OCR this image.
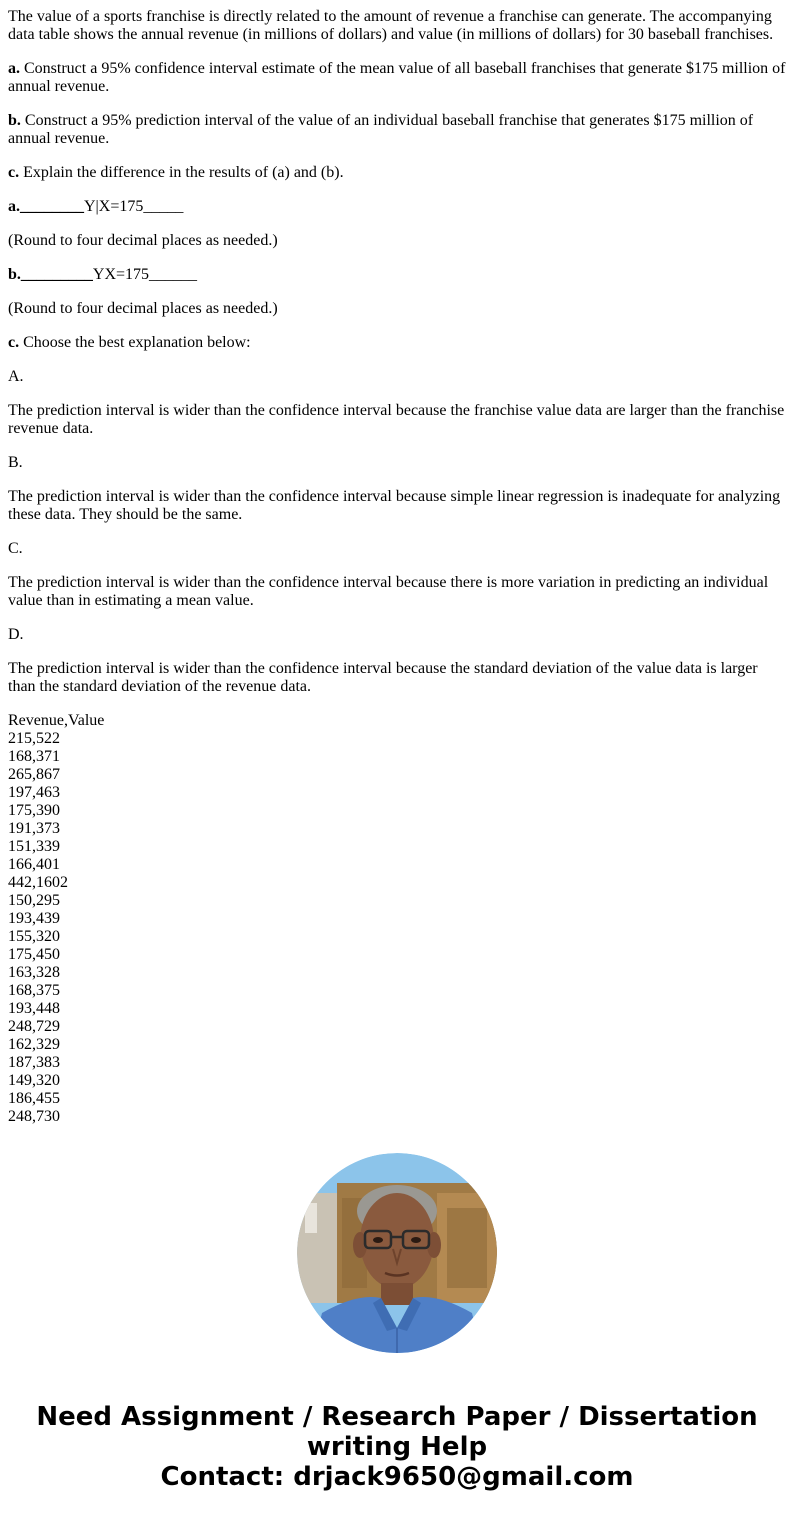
The value of a sports franchise is directly related to the amount of revenue a franchise can generate. The accompanying data table shows the annual revenue (in millions of dollars) and value (in millions of dollars) for 30 baseball franchises.

a. Construct a 95% confidence interval estimate of the mean value of all baseball franchises that generate $175 million of annual revenue.

b. Construct a 95% prediction interval of the value of an individual baseball franchise that generates $175 million of annual revenue.

c. Explain the difference in the results of (a) and (b).

a.________Y|X=175_____

(Round to four decimal places as needed.)

b._________YX=175______

(Round to four decimal places as needed.)

c. Choose the best explanation below:

A.

The prediction interval is wider than the confidence interval because the franchise value data are larger than the franchise revenue data.

B.

The prediction interval is wider than the confidence interval because simple linear regression is inadequate for analyzing these data. They should be the same.

C.

The prediction interval is wider than the confidence interval because there is more variation in predicting an individual value than in estimating a mean value.

D.

The prediction interval is wider than the confidence interval because the standard deviation of the value data is larger than the standard deviation of the revenue data.

Revenue,Value
215,522
168,371
265,867
197,463
175,390
191,373
151,339
166,401
442,1602
150,295
193,439
155,320
175,450
163,328
168,375
193,448
248,729
162,329
187,383
149,320
186,455
248,730
Need Assignment / Research Paper / Dissertation
writing Help
Contact: drjack9650@gmail.com
